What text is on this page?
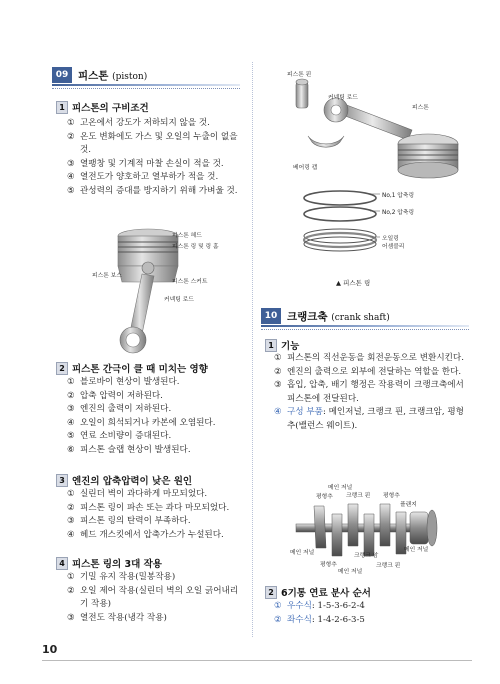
09 피스톤 (piston)
1 피스톤의 구비조건
① 고온에서 강도가 저하되지 않을 것.
② 온도 변화에도 가스 및 오일의 누출이 없을 것.
③ 열팽창 및 기계적 마찰 손실이 적을 것.
④ 열전도가 양호하고 열부하가 적을 것.
⑤ 관성력의 증대를 방지하기 위해 가벼울 것.
피스톤 헤드
피스톤 링 및 링 홈
피스톤 보스
피스톤 스커트
커넥팅 로드
2 피스톤 간극이 클 때 미치는 영향
① 블로바이 현상이 발생된다.
② 압축 압력이 저하된다.
③ 엔진의 출력이 저하된다.
④ 오일이 희석되거나 카본에 오염된다.
⑤ 연료 소비량이 증대된다.
⑥ 피스톤 슬랩 현상이 발생된다.
3 엔진의 압축압력이 낮은 원인
① 실린더 벽이 과다하게 마모되었다.
② 피스톤 링이 파손 또는 과다 마모되었다.
③ 피스톤 링의 탄력이 부족하다.
④ 헤드 개스킷에서 압축가스가 누설된다.
4 피스톤 링의 3대 작용
① 기밀 유지 작용(밀봉작용)
② 오일 제어 작용(실린더 벽의 오일 긁어내리기 작용)
③ 열전도 작용(냉각 작용)
피스톤 핀
커넥팅 로드
피스톤
베어링 캡
No,1 압축링
No,2 압축링
오일링
어셈블리
▲ 피스톤 링
10 크랭크축 (crank shaft)
1 기능
① 피스톤의 직선운동을 회전운동으로 변환시킨다.
② 엔진의 출력으로 외부에 전달하는 역할을 한다.
③ 흡입, 압축, 배기 행정은 작용력이 크랭크축에서 피스톤에 전달된다.
④ 구성 부품: 메인저널, 크랭크 핀, 크랭크암, 평형추(밸런스 웨이트).
메인 저널
평형추 크랭크 핀 평형추
플랜지
메인 저널	크랭크 암
평형추
메인 저널
크랭크 핀
메인 저널
2 6기통 연료 분사 순서
① 우수식: 1-5-3-6-2-4
② 좌수식: 1-4-2-6-3-5
10
